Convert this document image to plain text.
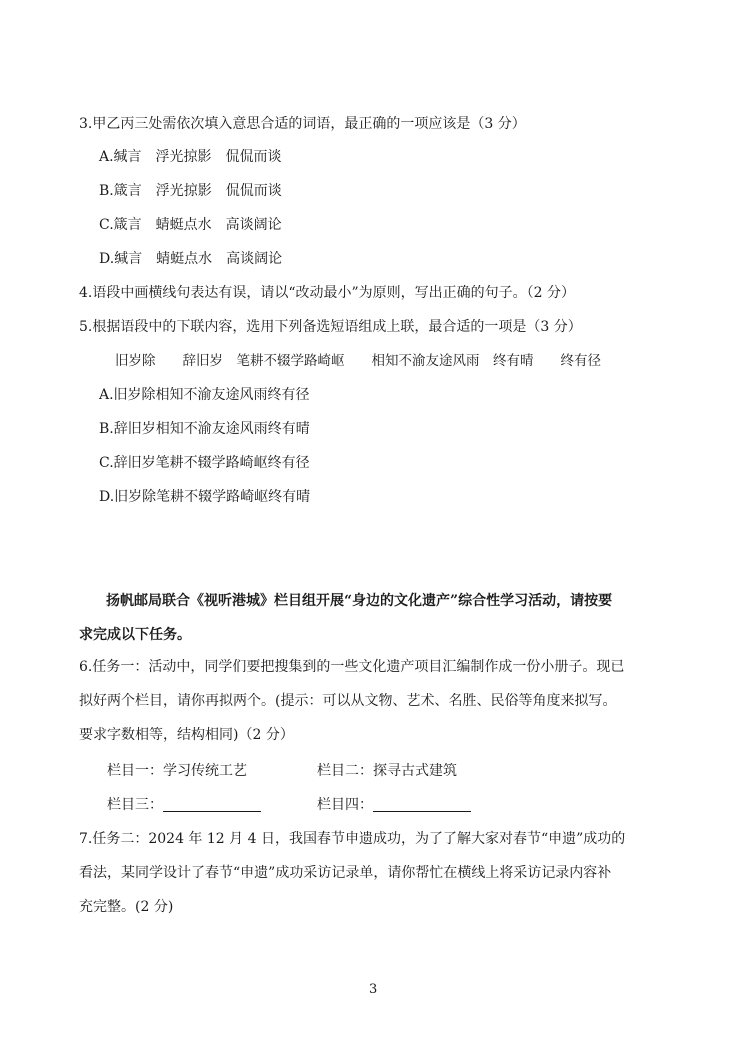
3.甲乙丙三处需依次填入意思合适的词语，最正确的一项应该是（3 分）
A.缄言　浮光掠影　侃侃而谈
B.箴言　浮光掠影　侃侃而谈
C.箴言　蜻蜓点水　高谈阔论
D.缄言　蜻蜓点水　高谈阔论
4.语段中画横线句表达有误，请以“改动最小”为原则，写出正确的句子。（2 分）
5.根据语段中的下联内容，选用下列备选短语组成上联，最合适的一项是（3 分）
旧岁除　　辞旧岁　笔耕不辍学路崎岖　　相知不渝友途风雨　终有晴　　终有径
A.旧岁除相知不渝友途风雨终有径
B.辞旧岁相知不渝友途风雨终有晴
C.辞旧岁笔耕不辍学路崎岖终有径
D.旧岁除笔耕不辍学路崎岖终有晴
扬帆邮局联合《视听港城》栏目组开展“身边的文化遗产”综合性学习活动，请按要
求完成以下任务。
6.任务一：活动中，同学们要把搜集到的一些文化遗产项目汇编制作成一份小册子。现已
拟好两个栏目，请你再拟两个。(提示：可以从文物、艺术、名胜、民俗等角度来拟写。
要求字数相等，结构相同)（2 分）
栏目一：学习传统工艺	栏目二：探寻古式建筑
栏目三：	栏目四：
7.任务二：2024 年 12 月 4 日，我国春节申遗成功，为了了解大家对春节“申遗”成功的
看法，某同学设计了春节“申遗”成功采访记录单，请你帮忙在横线上将采访记录内容补
充完整。(2 分)
3
